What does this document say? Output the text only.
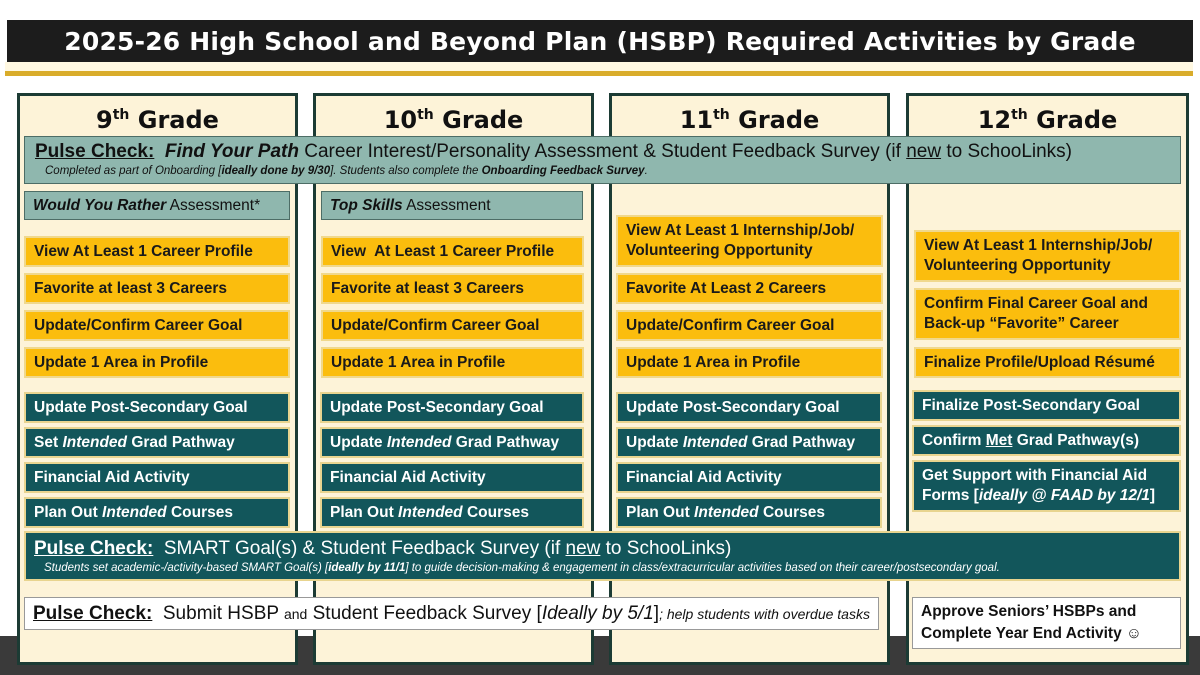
2025-26 High School and Beyond Plan (HSBP) Required Activities by Grade
9th Grade	10th Grade	11th Grade	12th Grade
Pulse Check: Find Your Path Career Interest/Personality Assessment & Student Feedback Survey (if new to SchooLinks)
Completed as part of Onboarding [ideally done by 9/30]. Students also complete the Onboarding Feedback Survey.
Would You Rather Assessment*	Top Skills Assessment
View At Least 1 Career Profile
Favorite at least 3 Careers
Update/Confirm Career Goal
Update 1 Area in Profile
View  At Least 1 Career Profile
Favorite at least 3 Careers
Update/Confirm Career Goal
Update 1 Area in Profile
View At Least 1 Internship/Job/
Volunteering Opportunity
Favorite At Least 2 Careers
Update/Confirm Career Goal
Update 1 Area in Profile
View At Least 1 Internship/Job/
Volunteering Opportunity
Confirm Final Career Goal and
Back-up “Favorite” Career
Finalize Profile/Upload Résumé
Update Post-Secondary Goal
Set Intended Grad Pathway
Financial Aid Activity
Plan Out Intended Courses
Update Post-Secondary Goal
Update Intended Grad Pathway
Financial Aid Activity
Plan Out Intended Courses
Update Post-Secondary Goal
Update Intended Grad Pathway
Financial Aid Activity
Plan Out Intended Courses
Finalize Post-Secondary Goal
Confirm Met Grad Pathway(s)
Get Support with Financial Aid
Forms [ideally @ FAAD by 12/1]
Pulse Check:  SMART Goal(s) & Student Feedback Survey (if new to SchooLinks)
Students set academic-/activity-based SMART Goal(s) [ideally by 11/1] to guide decision-making & engagement in class/extracurricular activities based on their career/postsecondary goal.
Pulse Check: Submit HSBP and Student Feedback Survey [ Ideally by 5/1 ] ; help students with overdue tasks	Approve Seniors’ HSBPs and
Complete Year End Activity ☺
